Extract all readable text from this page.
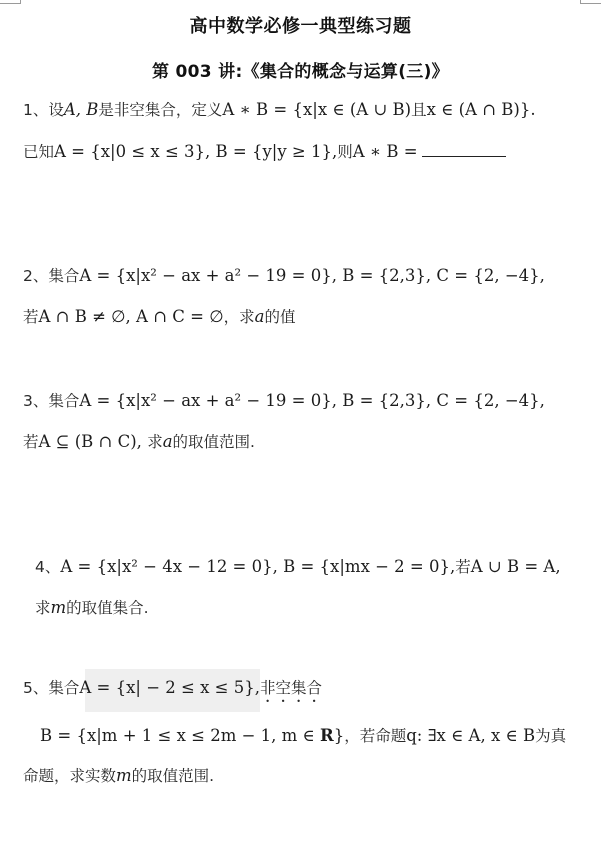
高中数学必修一典型练习题
第 003 讲:《集合的概念与运算(三)》
1、设A, B是非空集合，定义A ∗ B = {x|x ∈ (A ∪ B)且x ∈ (A ∩ B)}.
已知A = {x|0 ≤ x ≤ 3}, B = {y|y ≥ 1},则A ∗ B =
2、集合A = {x|x² − ax + a² − 19 = 0}, B = {2,3}, C = {2, −4},
若A ∩ B ≠ ∅, A ∩ C = ∅，求a的值
3、集合A = {x|x² − ax + a² − 19 = 0}, B = {2,3}, C = {2, −4},
若A ⊆ (B ∩ C), 求a的取值范围.
4、A = {x|x² − 4x − 12 = 0}, B = {x|mx − 2 = 0},若A ∪ B = A,
求m的取值集合.
5、集合A = {x| − 2 ≤ x ≤ 5},非空集合
B = {x|m + 1 ≤ x ≤ 2m − 1, m ∈ R}，若命题q: ∃x ∈ A, x ∈ B为真
命题，求实数m的取值范围.
